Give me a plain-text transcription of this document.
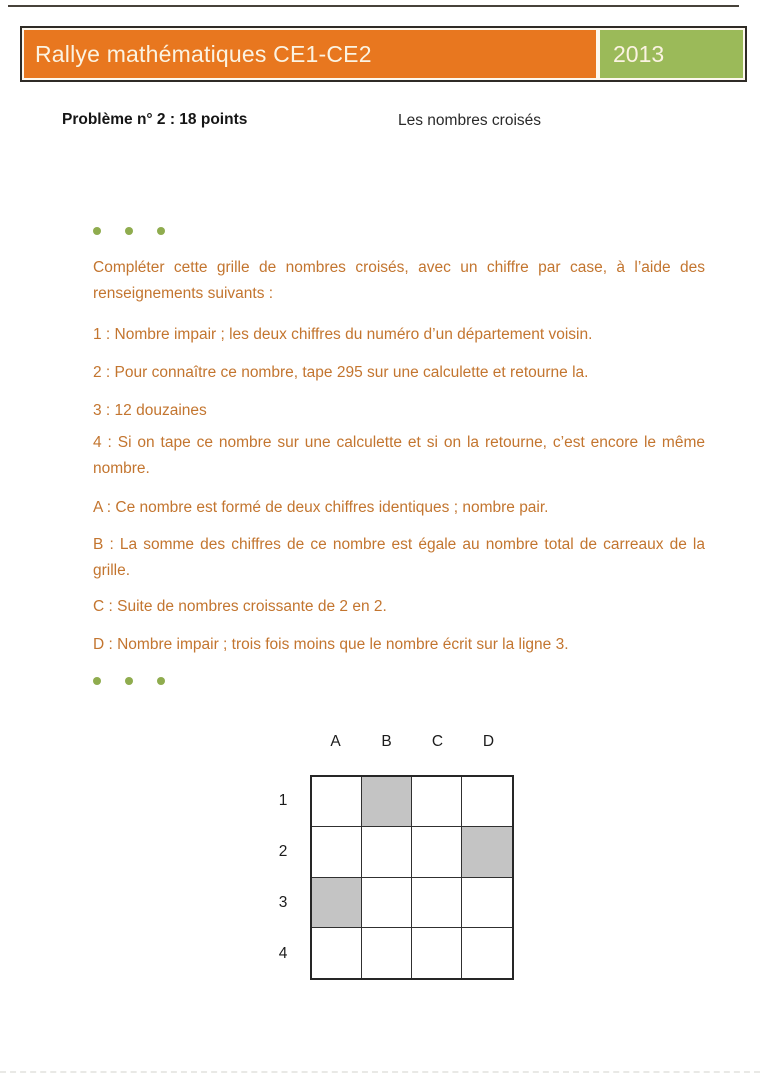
Rallye mathématiques CE1-CE2	2013
Problème n° 2 : 18 points	Les nombres croisés

Compléter cette grille de nombres croisés, avec un chiffre par case, à l’aide des renseignements suivants :

1 : Nombre impair ; les deux chiffres du numéro d’un département voisin.

2 : Pour connaître ce nombre, tape 295 sur une calculette et retourne la.

3 : 12 douzaines

4 : Si on tape ce nombre sur une calculette et si on la retourne, c’est encore le même nombre.

A : Ce nombre est formé de deux chiffres identiques ; nombre pair.

B : La somme des chiffres de ce nombre est égale au nombre total de carreaux de la grille.

C : Suite de nombres croissante de 2 en 2.

D : Nombre impair ; trois fois moins que le nombre écrit sur la ligne 3.

A	B	C	D
1
2
3
4
